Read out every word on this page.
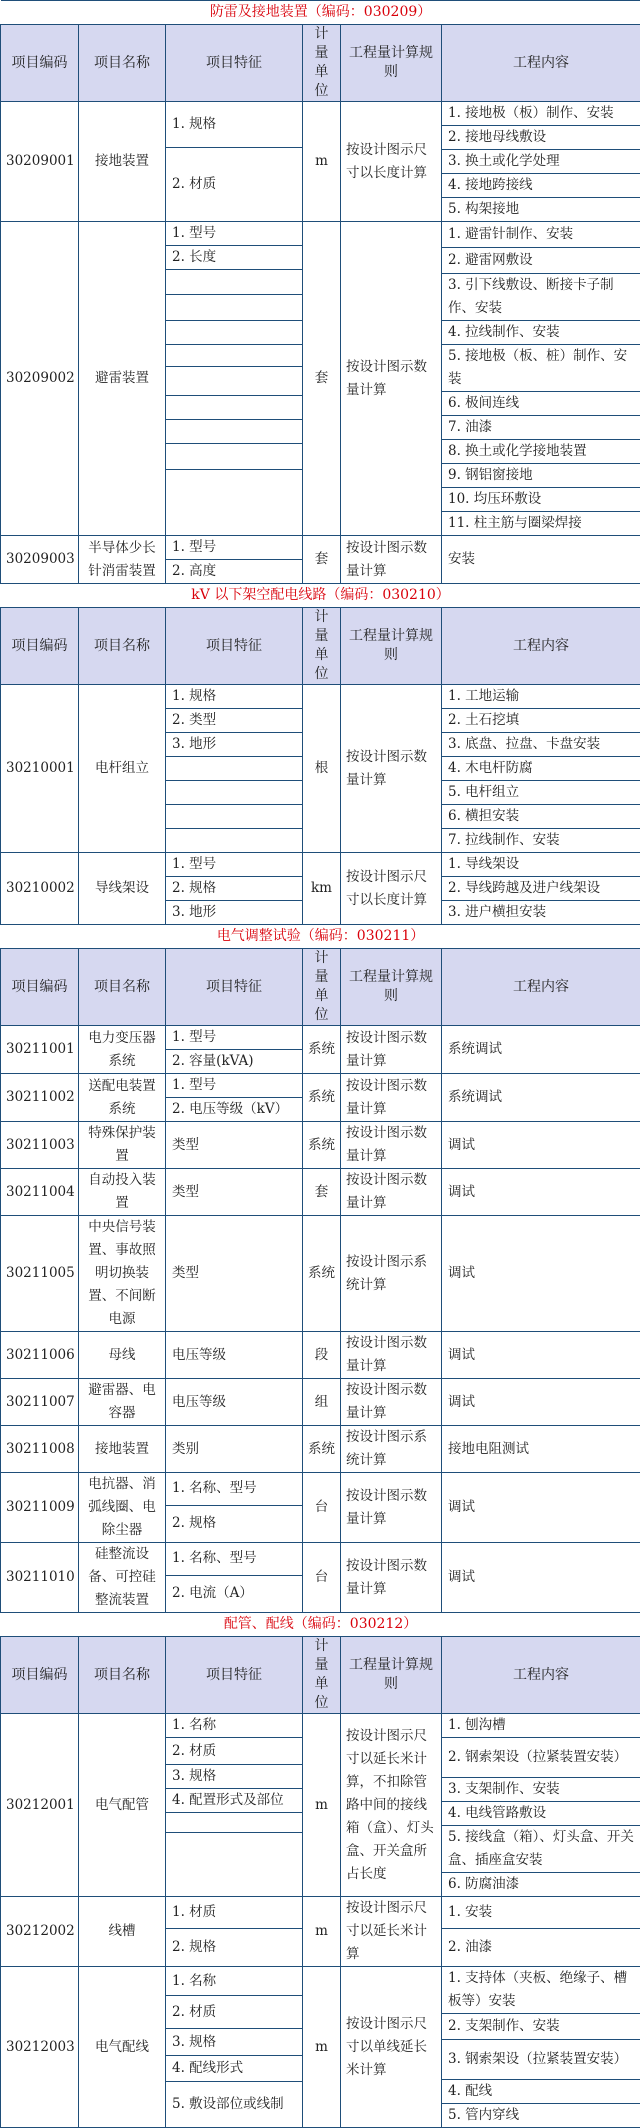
防雷及接地装置（编码：030209）					
项目编码	项目名称	项目特征	计量单位	工程量计算规则	工程内容
30209001	接地装置	1. 规格	m	按设计图示尺寸以长度计算	1. 接地极（板）制作、安装
					2. 接地母线敷设
		2. 材质			
					3. 换土或化学处理
					4. 接地跨接线
					5. 构架接地
30209002	避雷装置	1. 型号	套	按设计图示数量计算	1. 避雷针制作、安装
		2. 长度			
					2. 避雷网敷设

					3. 引下线敷设、断接卡子制作、安装

					4. 拉线制作、安装
					5. 接地极（板、桩）制作、安装

					6. 极间连线

					7. 油漆

					8. 换土或化学接地装置

					9. 钢铝窗接地

					10. 均压环敷设
					11. 柱主筋与圈梁焊接
30209003	半导体少长针消雷装置	1. 型号	套	按设计图示数量计算	安装
		2. 高度			
kV 以下架空配电线路（编码：030210）					
项目编码	项目名称	项目特征	计量单位	工程量计算规则	工程内容
30210001	电杆组立	1. 规格	根	按设计图示数量计算	1. 工地运输
		2. 类型			2. 土石挖填
		3. 地形			3. 底盘、拉盘、卡盘安装
					4. 木电杆防腐
					5. 电杆组立
					6. 横担安装
					7. 拉线制作、安装
30210002	导线架设	1. 型号	km	按设计图示尺寸以长度计算	1. 导线架设
		2. 规格			2. 导线跨越及进户线架设
		3. 地形			3. 进户横担安装
电气调整试验（编码：030211）					
项目编码	项目名称	项目特征	计量单位	工程量计算规则	工程内容
30211001	电力变压器系统	1. 型号	系统	按设计图示数量计算	系统调试
		2. 容量(kVA)			
30211002	送配电装置系统	1. 型号	系统	按设计图示数量计算	系统调试
		2. 电压等级（kV）			
30211003	特殊保护装置	类型	系统	按设计图示数量计算	调试
30211004	自动投入装置	类型	套	按设计图示数量计算	调试
30211005	中央信号装置、事故照明切换装置、不间断电源	类型	系统	按设计图示系统计算	调试
30211006	母线	电压等级	段	按设计图示数量计算	调试
30211007	避雷器、电容器	电压等级	组	按设计图示数量计算	调试
30211008	接地装置	类别	系统	按设计图示系统计算	接地电阻测试
30211009	电抗器、消弧线圈、电除尘器	1. 名称、型号	台	按设计图示数量计算	调试
		2. 规格			
30211010	硅整流设备、可控硅整流装置	1. 名称、型号	台	按设计图示数量计算	调试
		2. 电流（A）			
配管、配线（编码：030212）					
项目编码	项目名称	项目特征	计量单位	工程量计算规则	工程内容
30212001	电气配管	1. 名称	m	按设计图示尺寸以延长米计算，不扣除管路中间的接线箱（盒）、灯头盒、开关盒所占长度	1. 刨沟槽
		2. 材质			2. 钢索架设（拉紧装置安装）
		3. 规格			
					3. 支架制作、安装
		4. 配置形式及部位			
					4. 电线管路敷设

					5. 接线盒（箱）、灯头盒、开关盒、插座盒安装

					6. 防腐油漆
30212002	线槽	1. 材质	m	按设计图示尺寸以延长米计算	1. 安装
		2. 规格			2. 油漆
30212003	电气配线	1. 名称	m	按设计图示尺寸以单线延长米计算	1. 支持体（夹板、绝缘子、槽板等）安装
		2. 材质			
					2. 支架制作、安装
		3. 规格			
					3. 钢索架设（拉紧装置安装）
		4. 配线形式			
					4. 配线
		5. 敷设部位或线制			
					5. 管内穿线
